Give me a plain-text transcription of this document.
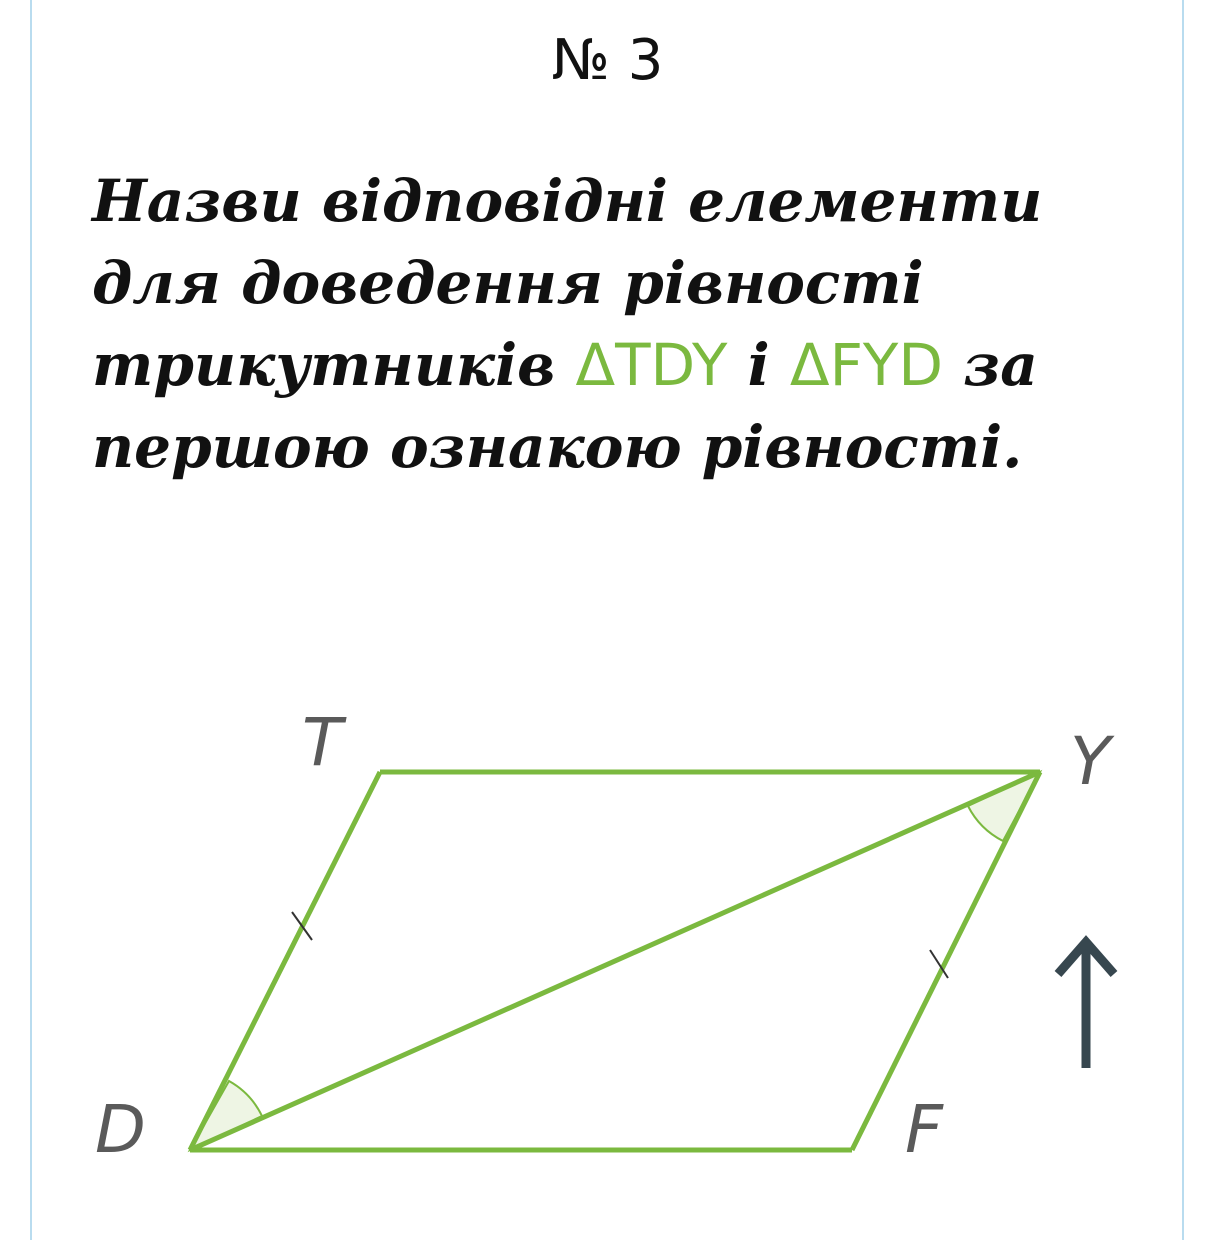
№ 3
Назви відповідні елементи
для доведення рівності
трикутників ΔTDY і ΔFYD за
першою ознакою рівності.
T	Y
D	F
